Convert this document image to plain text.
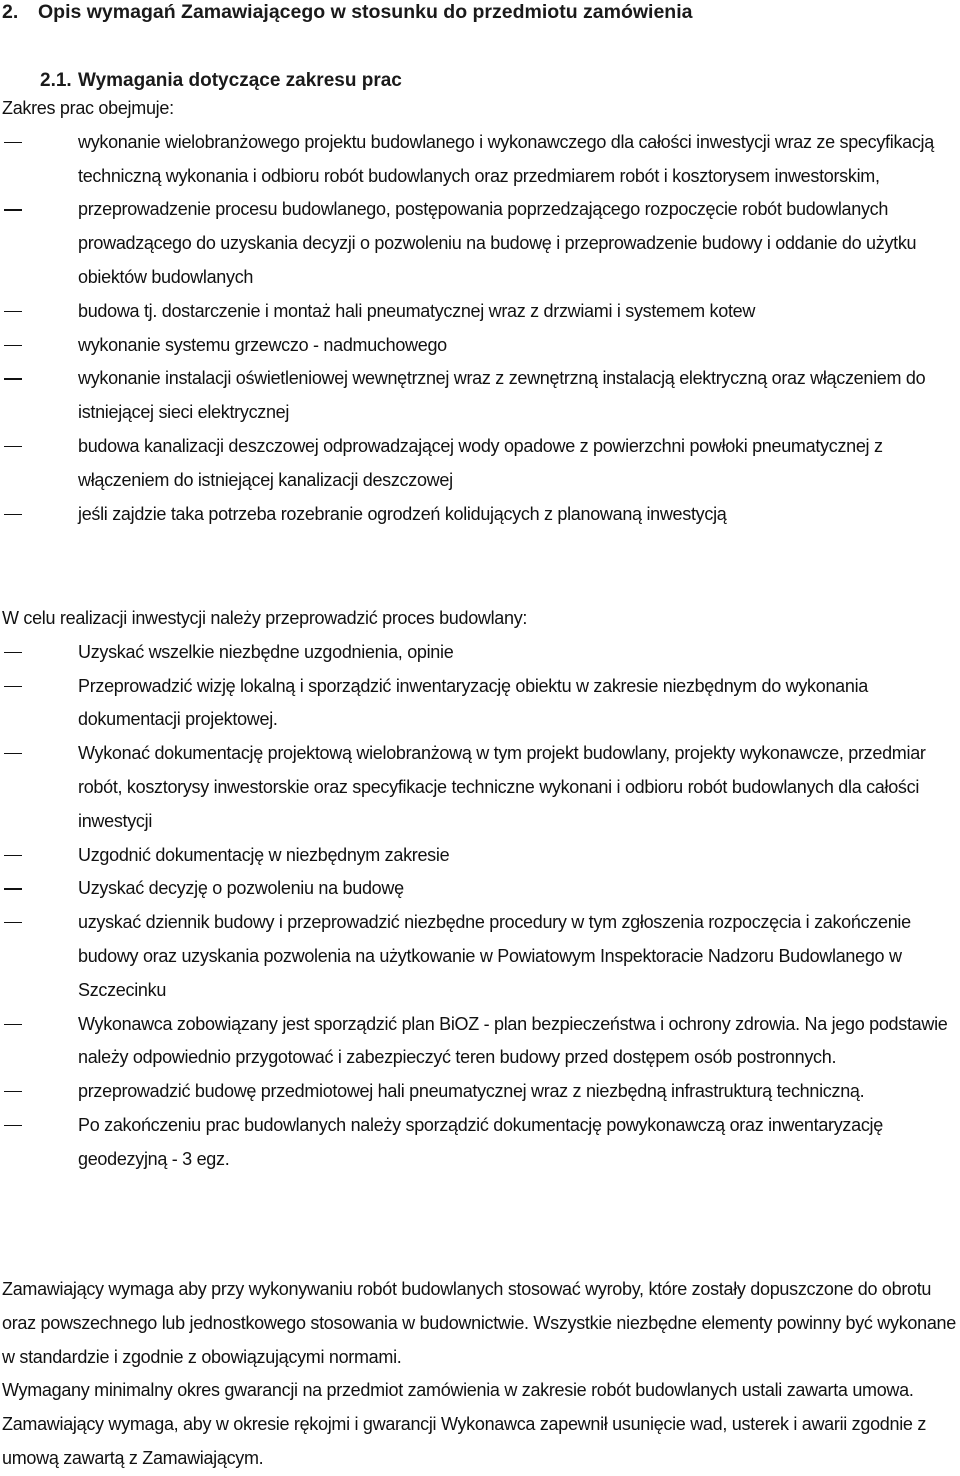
2. Opis wymagań Zamawiającego w stosunku do przedmiotu zamówienia
2.1. Wymagania dotyczące zakresu prac

Zakres prac obejmuje:

wykonanie wielobranżowego projektu budowlanego i wykonawczego dla całości inwestycji wraz ze specyfikacją techniczną wykonania i odbioru robót budowlanych oraz przedmiarem robót i kosztorysem inwestorskim,
przeprowadzenie procesu budowlanego, postępowania poprzedzającego rozpoczęcie robót budowlanych prowadzącego do uzyskania decyzji o pozwoleniu na budowę i przeprowadzenie budowy i oddanie do użytku obiektów budowlanych
budowa tj. dostarczenie i montaż hali pneumatycznej wraz z drzwiami i systemem kotew
wykonanie systemu grzewczo - nadmuchowego
wykonanie instalacji oświetleniowej wewnętrznej wraz z zewnętrzną instalacją elektryczną oraz włączeniem do istniejącej sieci elektrycznej
budowa kanalizacji deszczowej odprowadzającej wody opadowe z powierzchni powłoki pneumatycznej z włączeniem do istniejącej kanalizacji deszczowej
jeśli zajdzie taka potrzeba rozebranie ogrodzeń kolidujących z planowaną inwestycją

W celu realizacji inwestycji należy przeprowadzić proces budowlany:

Uzyskać wszelkie niezbędne uzgodnienia, opinie
Przeprowadzić wizję lokalną i sporządzić inwentaryzację obiektu w zakresie niezbędnym do wykonania dokumentacji projektowej.
Wykonać dokumentację projektową wielobranżową w tym projekt budowlany, projekty wykonawcze, przedmiar robót, kosztorysy inwestorskie oraz specyfikacje techniczne wykonani i odbioru robót budowlanych dla całości inwestycji
Uzgodnić dokumentację w niezbędnym zakresie
Uzyskać decyzję o pozwoleniu na budowę
uzyskać dziennik budowy i przeprowadzić niezbędne procedury w tym zgłoszenia rozpoczęcia i zakończenie budowy oraz uzyskania pozwolenia na użytkowanie w Powiatowym Inspektoracie Nadzoru Budowlanego w Szczecinku
Wykonawca zobowiązany jest sporządzić plan BiOZ - plan bezpieczeństwa i ochrony zdrowia. Na jego podstawie należy odpowiednio przygotować i zabezpieczyć teren budowy przed dostępem osób postronnych.
przeprowadzić budowę przedmiotowej hali pneumatycznej wraz z niezbędną infrastrukturą techniczną.
Po zakończeniu prac budowlanych należy sporządzić dokumentację powykonawczą oraz inwentaryzację geodezyjną - 3 egz.

Zamawiający wymaga aby przy wykonywaniu robót budowlanych stosować wyroby, które zostały dopuszczone do obrotu oraz powszechnego lub jednostkowego stosowania w budownictwie. Wszystkie niezbędne elementy powinny być wykonane w standardzie i zgodnie z obowiązującymi normami.

Wymagany minimalny okres gwarancji na przedmiot zamówienia w zakresie robót budowlanych ustali zawarta umowa. Zamawiający wymaga, aby w okresie rękojmi i gwarancji Wykonawca zapewnił usunięcie wad, usterek i awarii zgodnie z umową zawartą z Zamawiającym.
